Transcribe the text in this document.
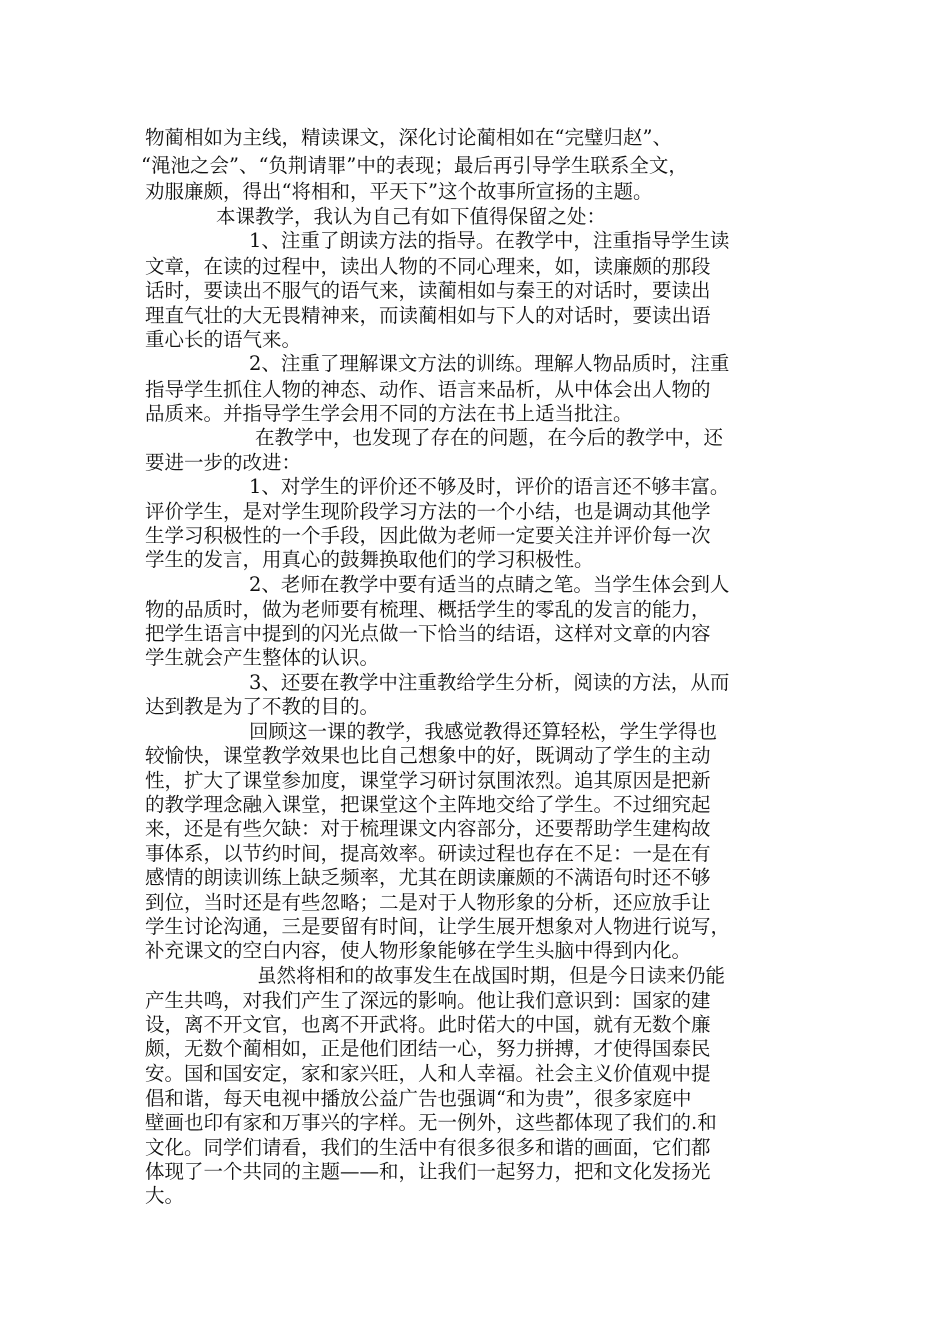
物蔺相如为主线，精读课文，深化讨论蔺相如在“完璧归赵”、
“渑池之会”、“负荆请罪”中的表现；最后再引导学生联系全文，
劝服廉颇，得出“将相和，平天下”这个故事所宣扬的主题。
本课教学，我认为自己有如下值得保留之处：
1、注重了朗读方法的指导。在教学中，注重指导学生读
文章，在读的过程中，读出人物的不同心理来，如，读廉颇的那段
话时，要读出不服气的语气来，读蔺相如与秦王的对话时，要读出
理直气壮的大无畏精神来，而读蔺相如与下人的对话时，要读出语
重心长的语气来。
2、注重了理解课文方法的训练。理解人物品质时，注重
指导学生抓住人物的神态、动作、语言来品析，从中体会出人物的
品质来。并指导学生学会用不同的方法在书上适当批注。
在教学中，也发现了存在的问题，在今后的教学中，还
要进一步的改进：
1、对学生的评价还不够及时，评价的语言还不够丰富。
评价学生，是对学生现阶段学习方法的一个小结，也是调动其他学
生学习积极性的一个手段，因此做为老师一定要关注并评价每一次
学生的发言，用真心的鼓舞换取他们的学习积极性。
2、老师在教学中要有适当的点睛之笔。当学生体会到人
物的品质时，做为老师要有梳理、概括学生的零乱的发言的能力，
把学生语言中提到的闪光点做一下恰当的结语，这样对文章的内容
学生就会产生整体的认识。
3、还要在教学中注重教给学生分析，阅读的方法，从而
达到教是为了不教的目的。
回顾这一课的教学，我感觉教得还算轻松，学生学得也
较愉快，课堂教学效果也比自己想象中的好，既调动了学生的主动
性，扩大了课堂参加度，课堂学习研讨氛围浓烈。追其原因是把新
的教学理念融入课堂，把课堂这个主阵地交给了学生。不过细究起
来，还是有些欠缺：对于梳理课文内容部分，还要帮助学生建构故
事体系，以节约时间，提高效率。研读过程也存在不足：一是在有
感情的朗读训练上缺乏频率，尤其在朗读廉颇的不满语句时还不够
到位，当时还是有些忽略；二是对于人物形象的分析，还应放手让
学生讨论沟通，三是要留有时间，让学生展开想象对人物进行说写，
补充课文的空白内容，使人物形象能够在学生头脑中得到内化。
虽然将相和的故事发生在战国时期，但是今日读来仍能
产生共鸣，对我们产生了深远的影响。他让我们意识到：国家的建
设，离不开文官，也离不开武将。此时偌大的中国，就有无数个廉
颇，无数个蔺相如，正是他们团结一心，努力拼搏，才使得国泰民
安。国和国安定，家和家兴旺，人和人幸福。社会主义价值观中提
倡和谐，每天电视中播放公益广告也强调“和为贵”，很多家庭中
壁画也印有家和万事兴的字样。无一例外，这些都体现了我们的.和
文化。同学们请看，我们的生活中有很多很多和谐的画面，它们都
体现了一个共同的主题——和，让我们一起努力，把和文化发扬光
大。
